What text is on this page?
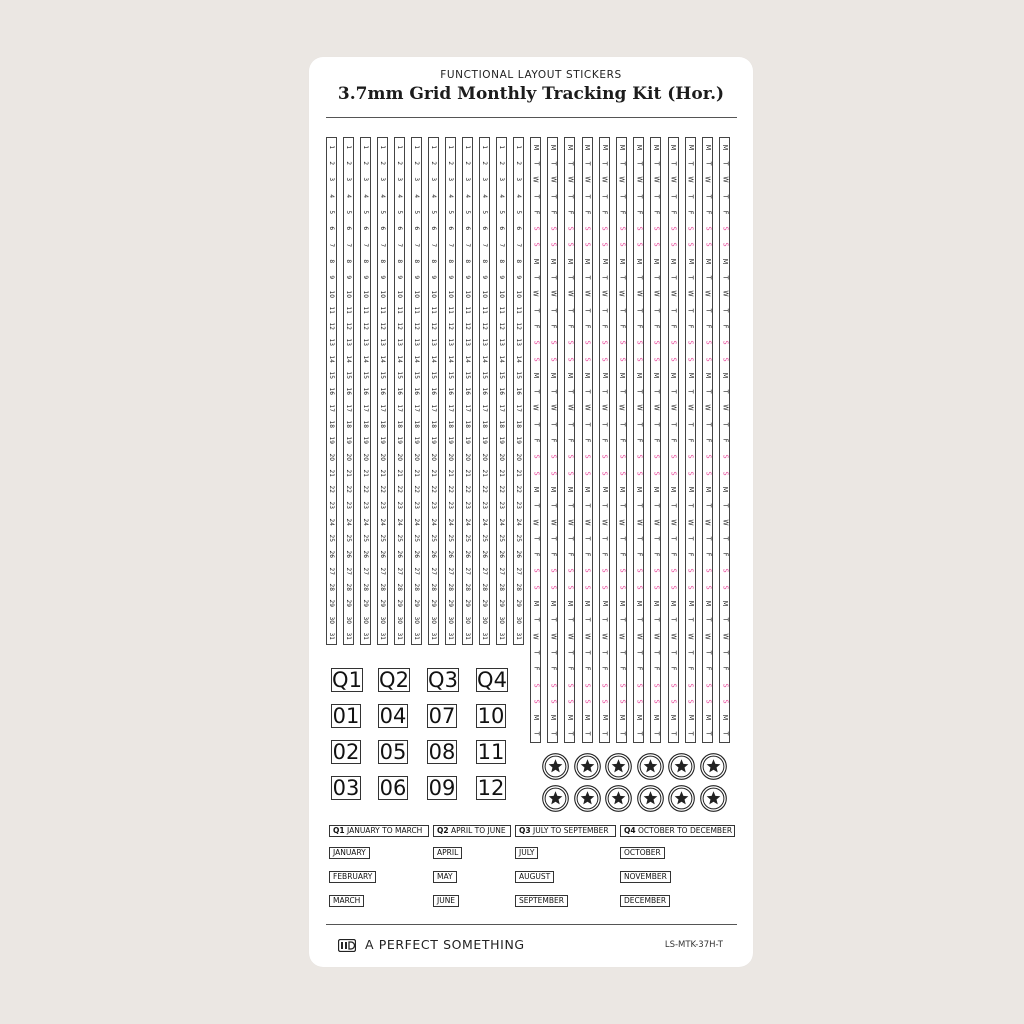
FUNCTIONAL LAYOUT STICKERS
3.7mm Grid Monthly Tracking Kit (Hor.)
1
2
3
4
5
6
7
8
9
10
11
12
13
14
15
16
17
18
19
20
21
22
23
24
25
26
27
28
29
30
31
1
2
3
4
5
6
7
8
9
10
11
12
13
14
15
16
17
18
19
20
21
22
23
24
25
26
27
28
29
30
31
1
2
3
4
5
6
7
8
9
10
11
12
13
14
15
16
17
18
19
20
21
22
23
24
25
26
27
28
29
30
31
1
2
3
4
5
6
7
8
9
10
11
12
13
14
15
16
17
18
19
20
21
22
23
24
25
26
27
28
29
30
31
1
2
3
4
5
6
7
8
9
10
11
12
13
14
15
16
17
18
19
20
21
22
23
24
25
26
27
28
29
30
31
1
2
3
4
5
6
7
8
9
10
11
12
13
14
15
16
17
18
19
20
21
22
23
24
25
26
27
28
29
30
31
1
2
3
4
5
6
7
8
9
10
11
12
13
14
15
16
17
18
19
20
21
22
23
24
25
26
27
28
29
30
31
1
2
3
4
5
6
7
8
9
10
11
12
13
14
15
16
17
18
19
20
21
22
23
24
25
26
27
28
29
30
31
1
2
3
4
5
6
7
8
9
10
11
12
13
14
15
16
17
18
19
20
21
22
23
24
25
26
27
28
29
30
31
1
2
3
4
5
6
7
8
9
10
11
12
13
14
15
16
17
18
19
20
21
22
23
24
25
26
27
28
29
30
31
1
2
3
4
5
6
7
8
9
10
11
12
13
14
15
16
17
18
19
20
21
22
23
24
25
26
27
28
29
30
31
1
2
3
4
5
6
7
8
9
10
11
12
13
14
15
16
17
18
19
20
21
22
23
24
25
26
27
28
29
30
31
M
T
W
T
F
S
S
M
T
W
T
F
S
S
M
T
W
T
F
S
S
M
T
W
T
F
S
S
M
T
W
T
F
S
S
M
T
M
T
W
T
F
S
S
M
T
W
T
F
S
S
M
T
W
T
F
S
S
M
T
W
T
F
S
S
M
T
W
T
F
S
S
M
T
M
T
W
T
F
S
S
M
T
W
T
F
S
S
M
T
W
T
F
S
S
M
T
W
T
F
S
S
M
T
W
T
F
S
S
M
T
M
T
W
T
F
S
S
M
T
W
T
F
S
S
M
T
W
T
F
S
S
M
T
W
T
F
S
S
M
T
W
T
F
S
S
M
T
M
T
W
T
F
S
S
M
T
W
T
F
S
S
M
T
W
T
F
S
S
M
T
W
T
F
S
S
M
T
W
T
F
S
S
M
T
M
T
W
T
F
S
S
M
T
W
T
F
S
S
M
T
W
T
F
S
S
M
T
W
T
F
S
S
M
T
W
T
F
S
S
M
T
M
T
W
T
F
S
S
M
T
W
T
F
S
S
M
T
W
T
F
S
S
M
T
W
T
F
S
S
M
T
W
T
F
S
S
M
T
M
T
W
T
F
S
S
M
T
W
T
F
S
S
M
T
W
T
F
S
S
M
T
W
T
F
S
S
M
T
W
T
F
S
S
M
T
M
T
W
T
F
S
S
M
T
W
T
F
S
S
M
T
W
T
F
S
S
M
T
W
T
F
S
S
M
T
W
T
F
S
S
M
T
M
T
W
T
F
S
S
M
T
W
T
F
S
S
M
T
W
T
F
S
S
M
T
W
T
F
S
S
M
T
W
T
F
S
S
M
T
M
T
W
T
F
S
S
M
T
W
T
F
S
S
M
T
W
T
F
S
S
M
T
W
T
F
S
S
M
T
W
T
F
S
S
M
T
M
T
W
T
F
S
S
M
T
W
T
F
S
S
M
T
W
T
F
S
S
M
T
W
T
F
S
S
M
T
W
T
F
S
S
M
T
Q1 Q2 Q3 Q4
01 04 07 10
02 05 08 11
03 06 09 12
Q1 JANUARY TO MARCH	Q2 APRIL TO JUNE	Q3 JULY TO SEPTEMBER	Q4 OCTOBER TO DECEMBER
JANUARY
FEBRUARY
MARCH
APRIL
MAY
JUNE
JULY
AUGUST
SEPTEMBER
OCTOBER
NOVEMBER
DECEMBER
A PERFECT SOMETHING	LS-MTK-37H-T
